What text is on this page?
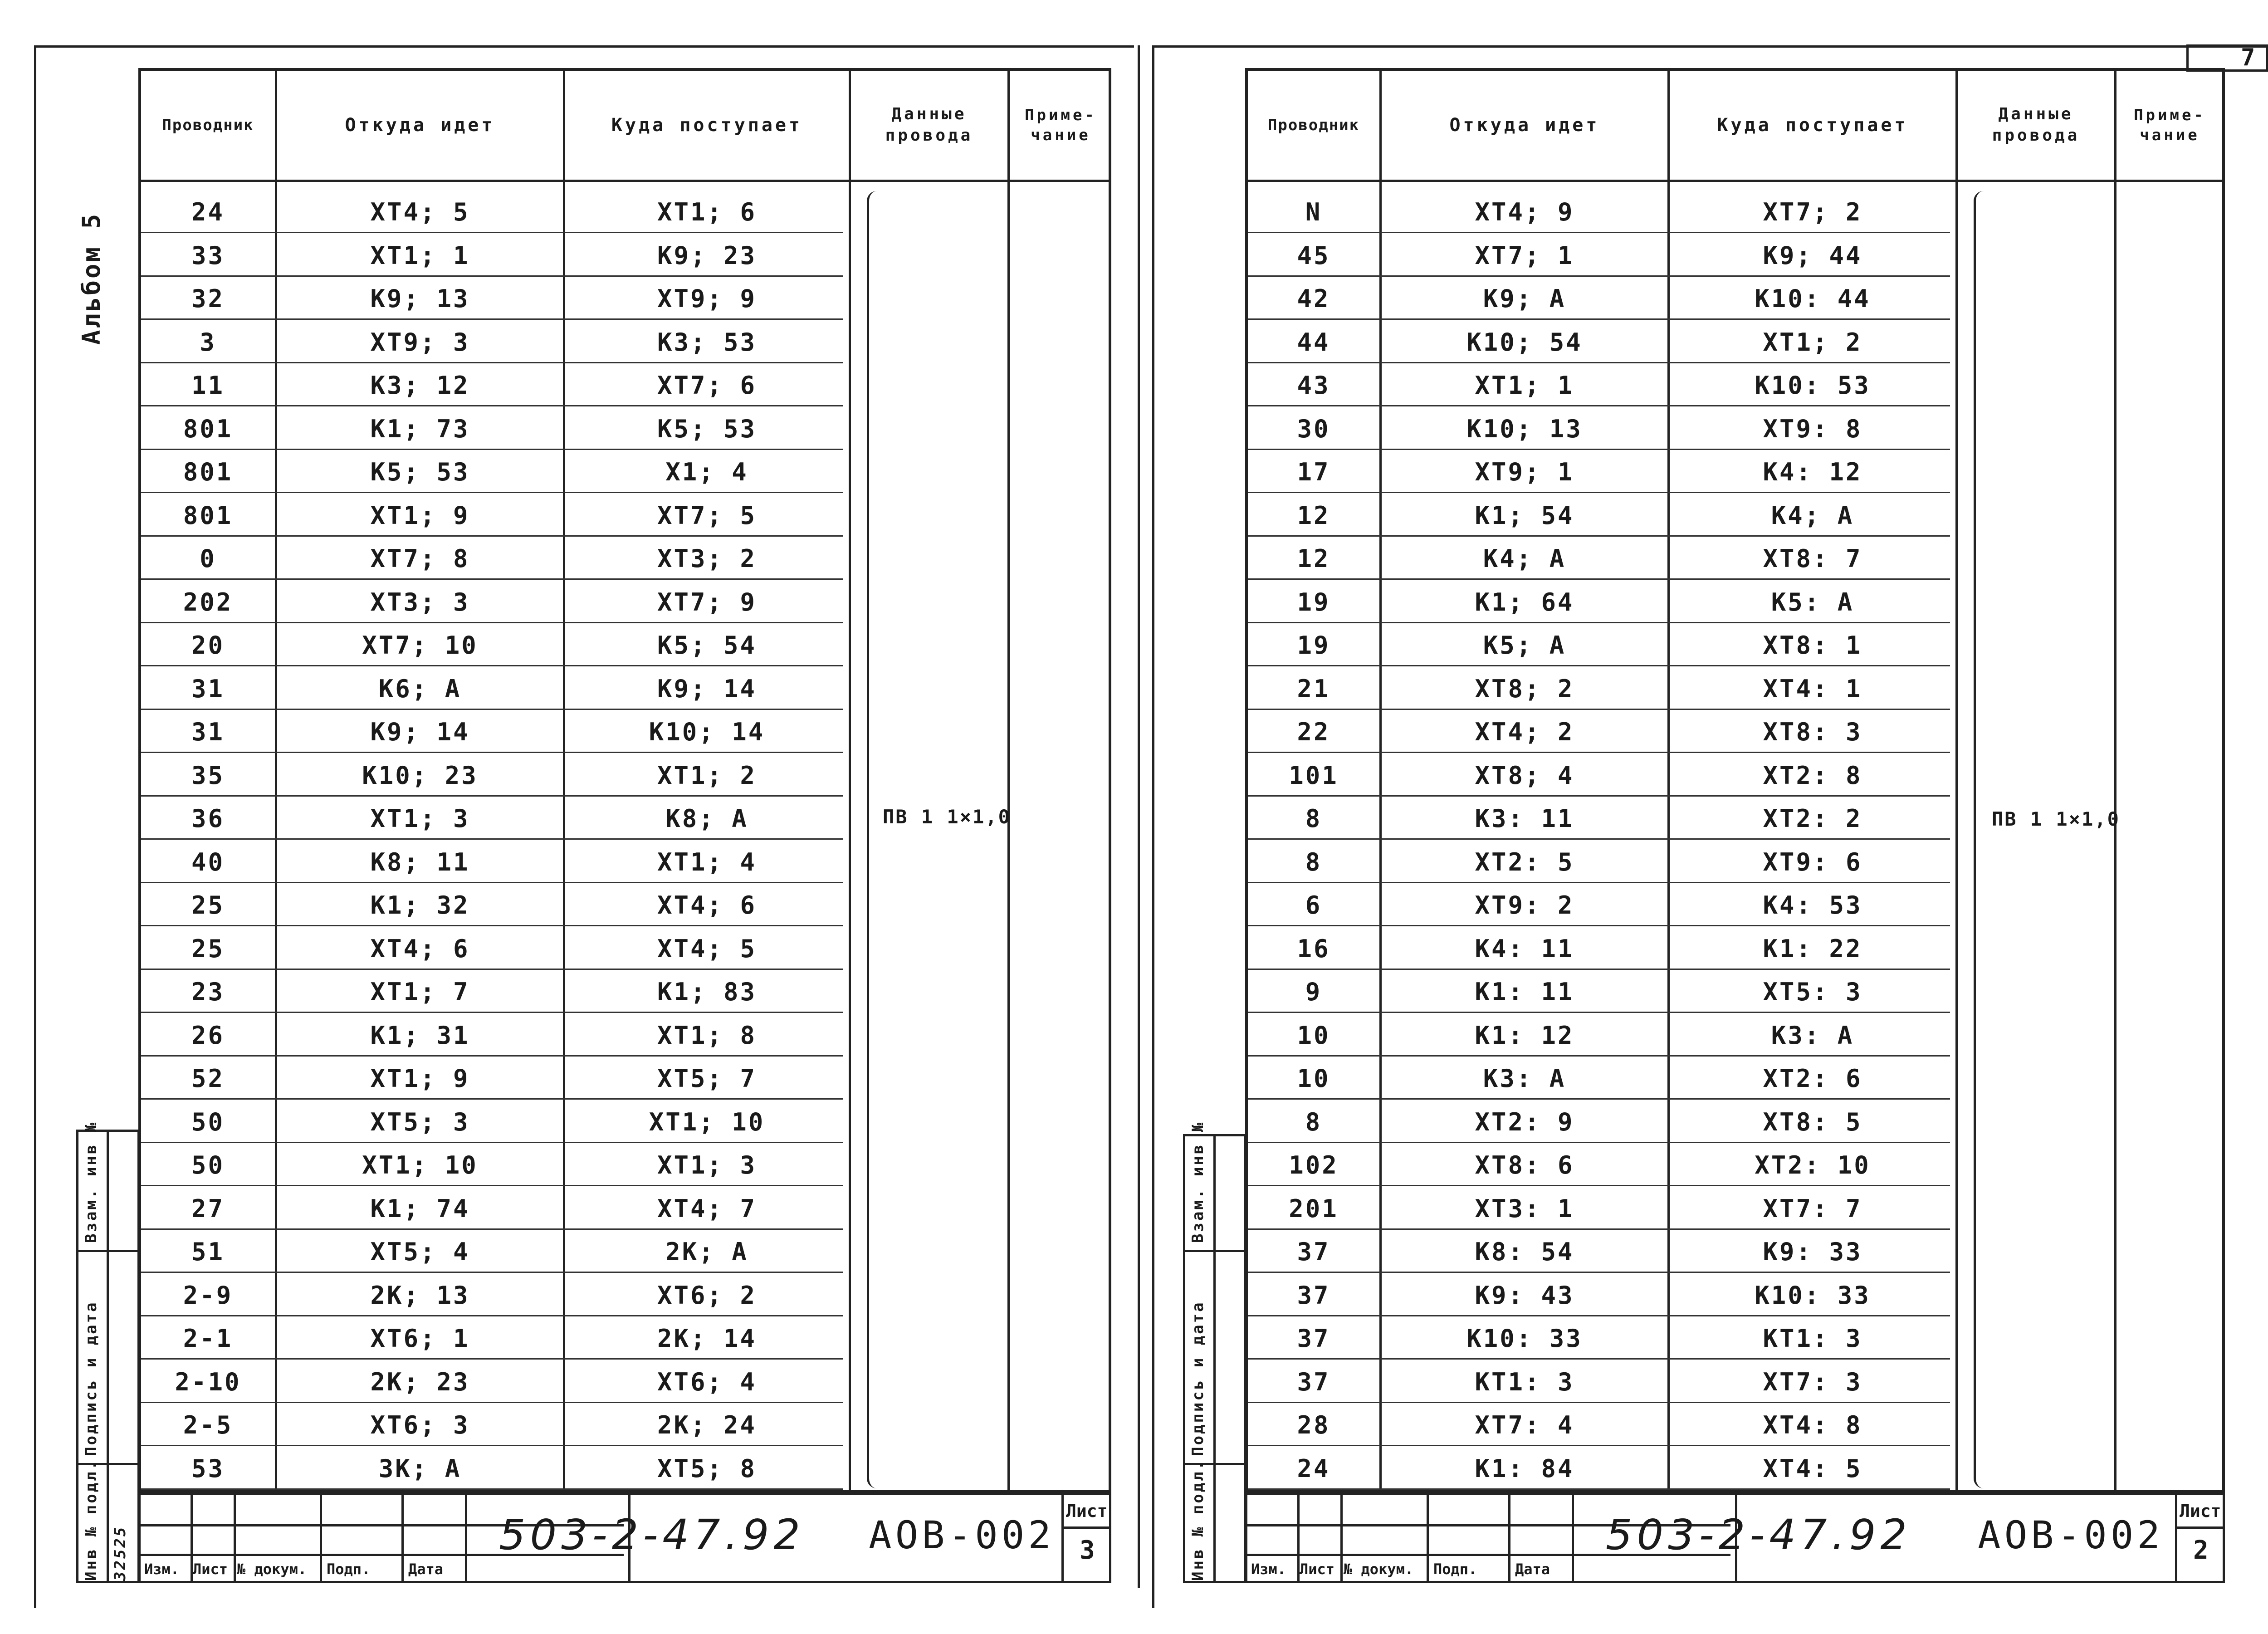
Альбом 5
Взам. инв №
Подпись и дата
Инв № подл. 32525
Проводник	Откуда идет	Куда поступает
Данные
провода
Приме-
чание
24	ХТ4; 5	ХТ1; 6
33	ХТ1; 1	К9; 23
32	К9; 13	ХТ9; 9
3	ХТ9; 3	К3; 53
11	К3; 12	ХТ7; 6
801	К1; 73	К5; 53
801	К5; 53	Х1; 4
801	ХТ1; 9	ХТ7; 5
0	ХТ7; 8	ХТ3; 2
202	ХТ3; 3	ХТ7; 9
20	ХТ7; 10	К5; 54
31	К6; А	К9; 14
31	К9; 14	К10; 14
35	К10; 23	ХТ1; 2
36	ХТ1; 3	К8; А
40	К8; 11	ХТ1; 4
25	К1; 32	ХТ4; 6
25	ХТ4; 6	ХТ4; 5
23	ХТ1; 7	К1; 83
26	К1; 31	ХТ1; 8
52	ХТ1; 9	ХТ5; 7
50	ХТ5; 3	ХТ1; 10
50	ХТ1; 10	ХТ1; 3
27	К1; 74	ХТ4; 7
51	ХТ5; 4	2К; А
2-9	2К; 13	ХТ6; 2
2-1	ХТ6; 1	2К; 14
2-10	2К; 23	ХТ6; 4
2-5	ХТ6; 3	2К; 24
53	3К; А	ХТ5; 8
ПВ 1 1×1,0
Изм. Лист № докум. Подп.	Дата
503-2-47.92 АОВ-002
Лист
3
7
Взам. инв №
Подпись и дата
Инв № подл.
Проводник	Откуда идет	Куда поступает
Данные
провода
Приме-
чание
N	ХТ4; 9	ХТ7; 2
45	ХТ7; 1	К9; 44
42	К9; А	К10: 44
44	К10; 54	ХТ1; 2
43	ХТ1; 1	К10: 53
30	К10; 13	ХТ9: 8
17	ХТ9; 1	К4: 12
12	К1; 54	К4; А
12	К4; А	ХТ8: 7
19	К1; 64	К5: А
19	К5; А	ХТ8: 1
21	ХТ8; 2	ХТ4: 1
22	ХТ4; 2	ХТ8: 3
101	ХТ8; 4	ХТ2: 8
8	К3: 11	ХТ2: 2
8	ХТ2: 5	ХТ9: 6
6	ХТ9: 2	К4: 53
16	К4: 11	К1: 22
9	К1: 11	ХТ5: 3
10	К1: 12	К3: А
10	К3: А	ХТ2: 6
8	ХТ2: 9	ХТ8: 5
102	ХТ8: 6	ХТ2: 10
201	ХТ3: 1	ХТ7: 7
37	К8: 54	К9: 33
37	К9: 43	К10: 33
37	К10: 33	КТ1: 3
37	КТ1: 3	ХТ7: 3
28	ХТ7: 4	ХТ4: 8
24	К1: 84	ХТ4: 5
ПВ 1 1×1,0
Изм. Лист № докум. Подп.	Дата
503-2-47.92 АОВ-002
Лист
2
